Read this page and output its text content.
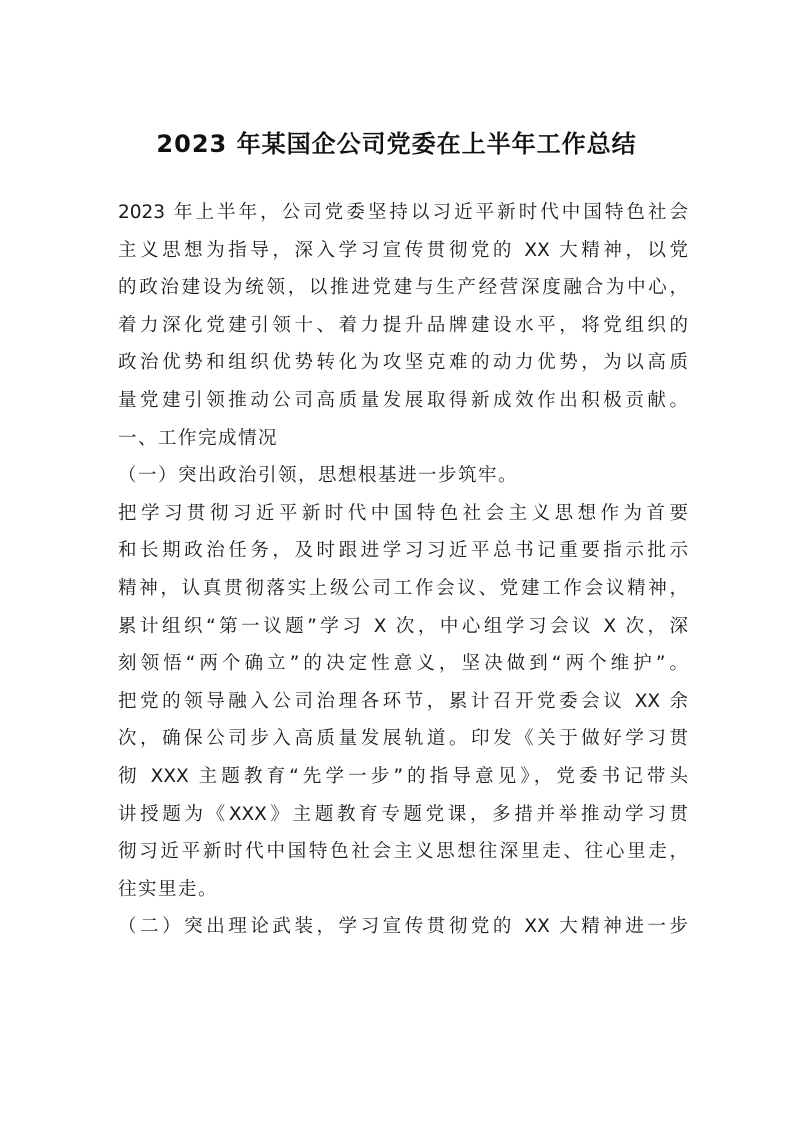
2023 年某国企公司党委在上半年工作总结
2023 年上半年，公司党委坚持以习近平新时代中国特色社会
主义思想为指导，深入学习宣传贯彻党的 XX 大精神，以党
的政治建设为统领，以推进党建与生产经营深度融合为中心，
着力深化党建引领十、着力提升品牌建设水平，将党组织的
政治优势和组织优势转化为攻坚克难的动力优势，为以高质
量党建引领推动公司高质量发展取得新成效作出积极贡献。
一、工作完成情况
（一）突出政治引领，思想根基进一步筑牢。
把学习贯彻习近平新时代中国特色社会主义思想作为首要
和长期政治任务，及时跟进学习习近平总书记重要指示批示
精神，认真贯彻落实上级公司工作会议、党建工作会议精神，
累计组织“第一议题”学习 X 次，中心组学习会议 X 次，深
刻领悟“两个确立”的决定性意义，坚决做到“两个维护”。
把党的领导融入公司治理各环节，累计召开党委会议 XX 余
次，确保公司步入高质量发展轨道。印发《关于做好学习贯
彻 XXX 主题教育“先学一步”的指导意见》，党委书记带头
讲授题为《XXX》主题教育专题党课，多措并举推动学习贯
彻习近平新时代中国特色社会主义思想往深里走、往心里走，
往实里走。
（二）突出理论武装，学习宣传贯彻党的 XX 大精神进一步
